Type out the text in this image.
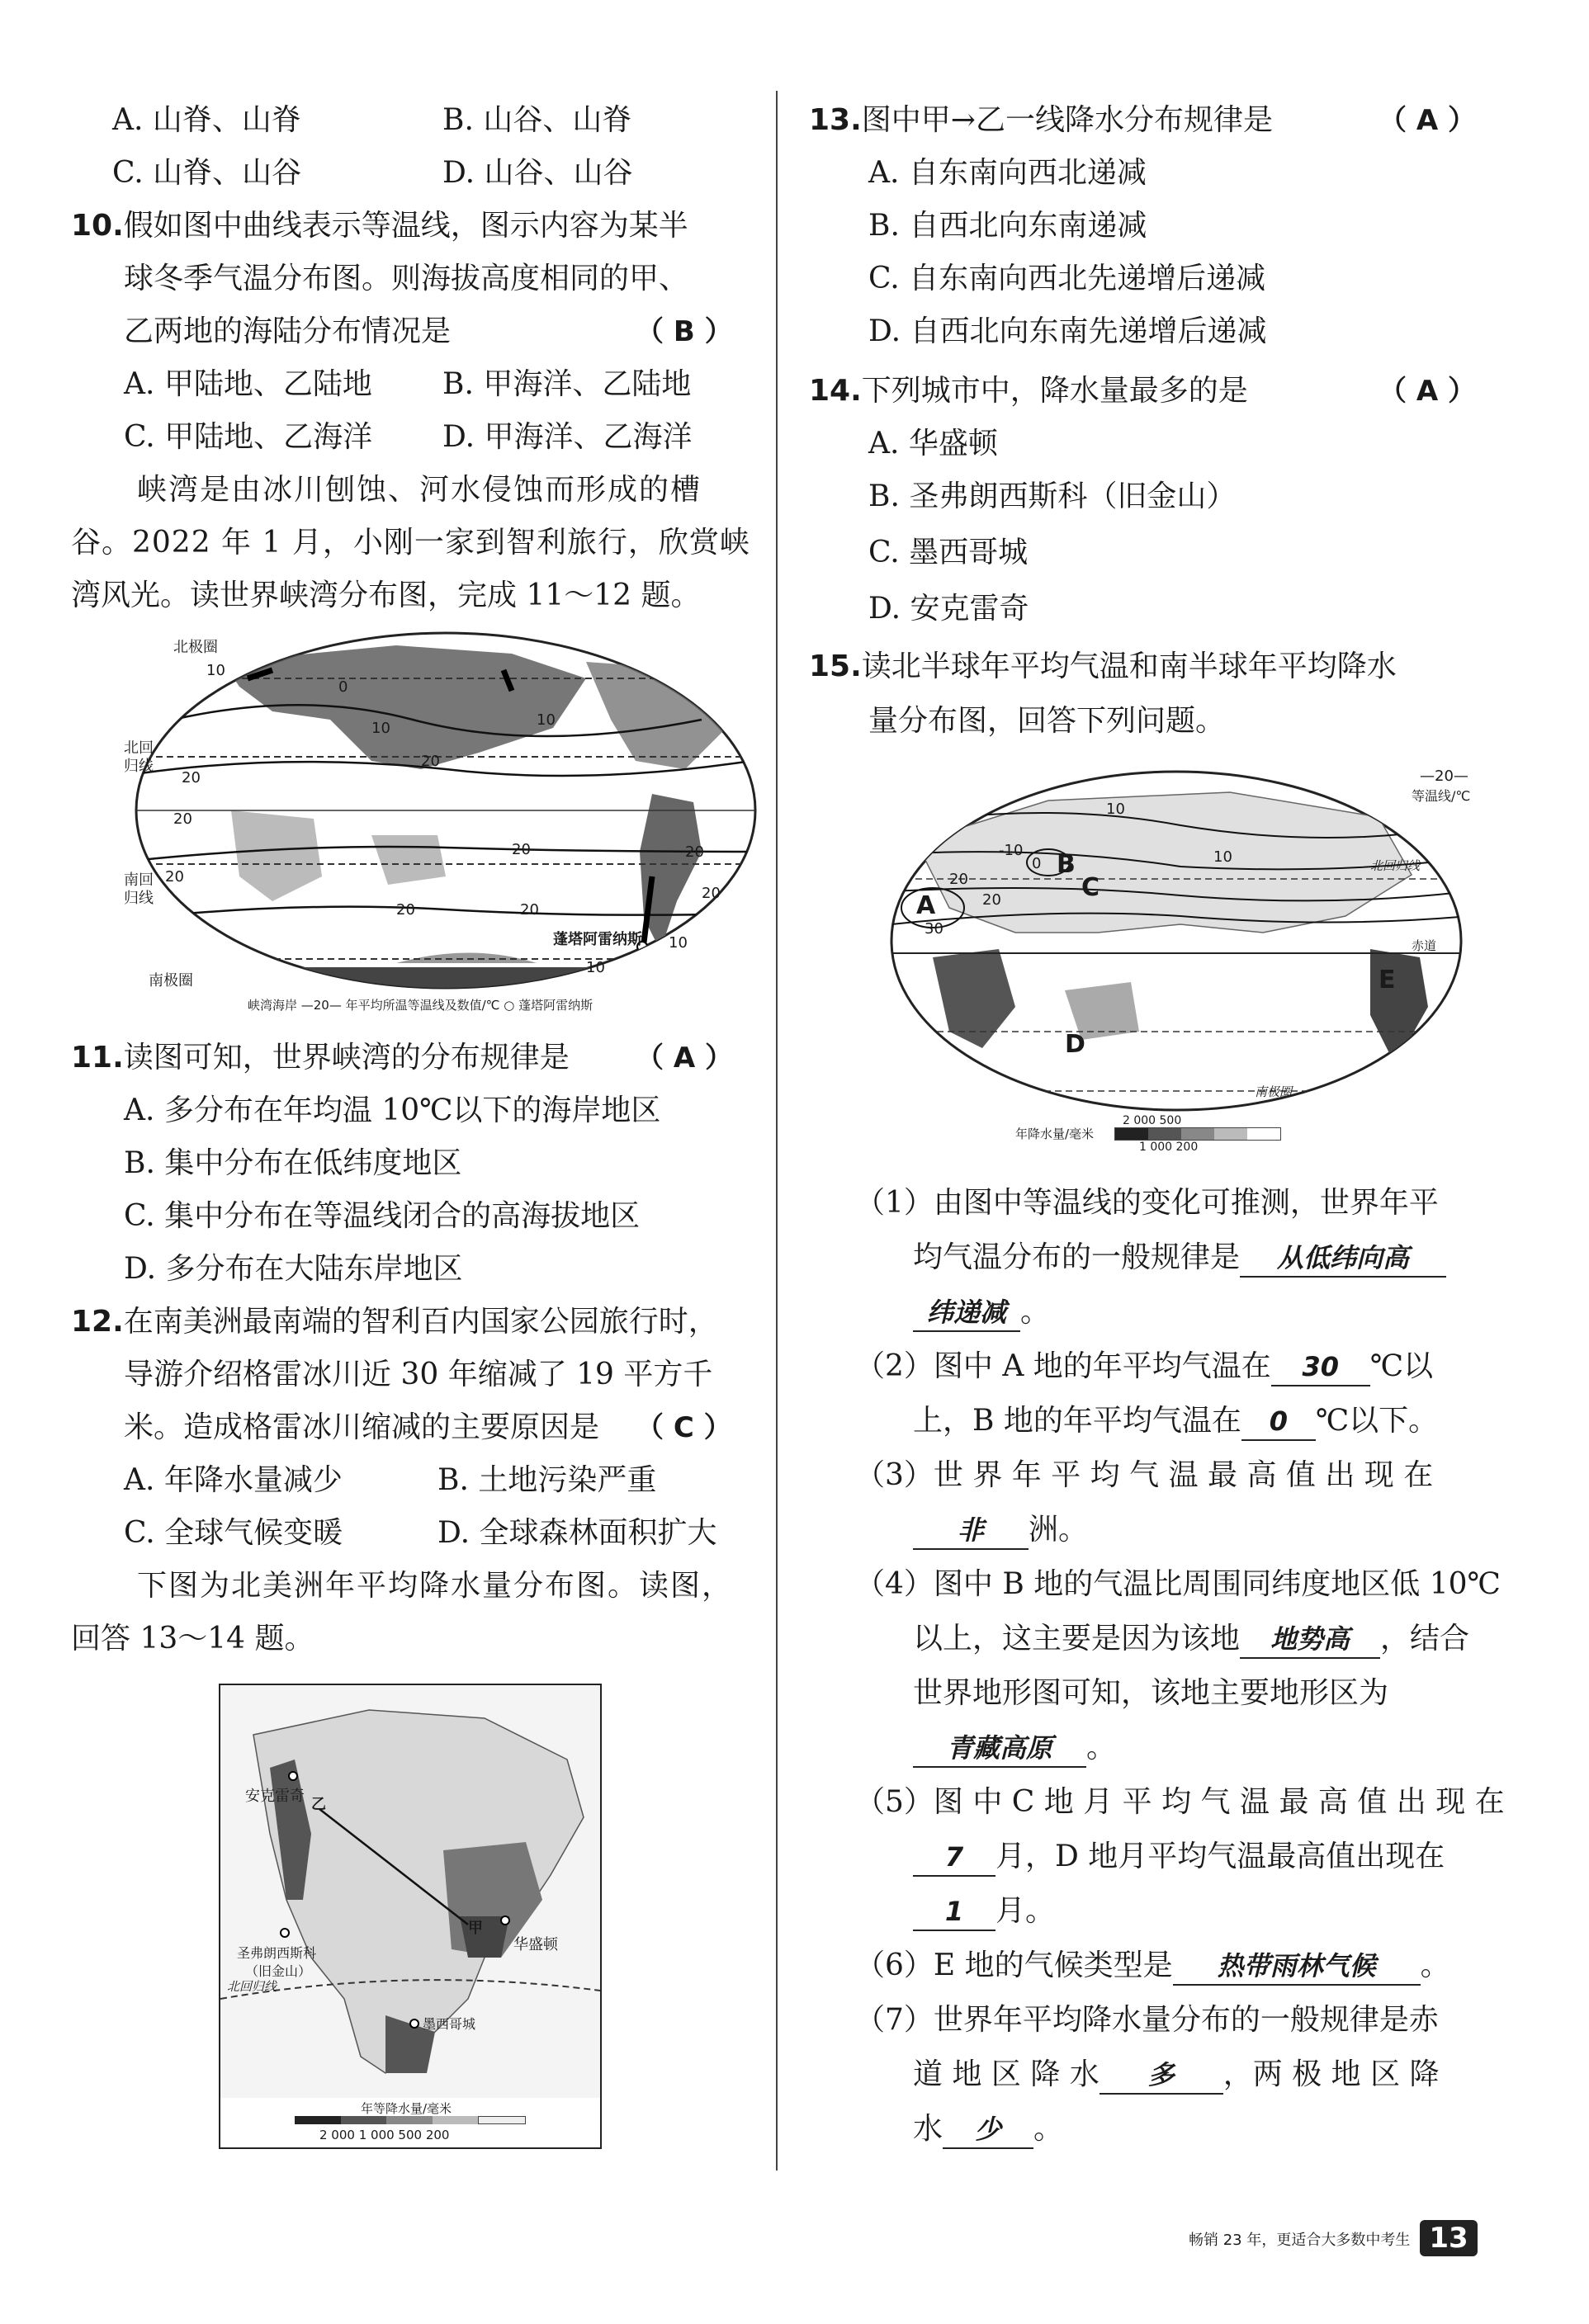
A. 山脊、山脊	B. 山谷、山脊
C. 山脊、山谷	D. 山谷、山谷
10.假如图中曲线表示等温线，图示内容为某半
球冬季气温分布图。则海拔高度相同的甲、
乙两地的海陆分布情况是	（ B ）
A. 甲陆地、乙陆地 B. 甲海洋、乙陆地
C. 甲陆地、乙海洋 D. 甲海洋、乙海洋
峡湾是由冰川刨蚀、河水侵蚀而形成的槽
谷。2022 年 1 月，小刚一家到智利旅行，欣赏峡
湾风光。读世界峡湾分布图，完成 11～12 题。
北极圈
北回
归线
南回
归线
南极圈
蓬塔阿雷纳斯
10
10	10
20
20
20
20
20
20
20
0
10
10
20
20
峡湾海岸 —20— 年平均所温等温线及数值/℃ ○ 蓬塔阿雷纳斯
11.读图可知，世界峡湾的分布规律是 （ A ）
A. 多分布在年均温 10℃以下的海岸地区
B. 集中分布在低纬度地区
C. 集中分布在等温线闭合的高海拔地区
D. 多分布在大陆东岸地区
12.在南美洲最南端的智利百内国家公园旅行时，
导游介绍格雷冰川近 30 年缩减了 19 平方千
米。造成格雷冰川缩减的主要原因是 （ C ）
A. 年降水量减少	B. 土地污染严重
C. 全球气候变暖	D. 全球森林面积扩大
下图为北美洲年平均降水量分布图。读图，
回答 13～14 题。
安克雷奇
圣弗朗西斯科
（旧金山）
华盛顿
墨西哥城
甲
乙
北回归线
年等降水量/毫米
2 000 1 000 500 200
13.图中甲→乙一线降水分布规律是	（ A ）
A. 自东南向西北递减
B. 自西北向东南递减
C. 自东南向西北先递增后递减
D. 自西北向东南先递增后递减
14.下列城市中，降水量最多的是	（ A ）
A. 华盛顿
B. 圣弗朗西斯科（旧金山）
C. 墨西哥城
D. 安克雷奇
15.读北半球年平均气温和南半球年平均降水
量分布图，回答下列问题。
—20—
等温线/℃
A
B
C
D
E
北回归线
赤道
南极圈
-10
0
10
10
20
30
20
年降水量/毫米
2 000 500
1 000 200
（1）由图中等温线的变化可推测，世界年平
均气温分布的一般规律是 从低纬向高
纬递减 。
（2）图中 A 地的年平均气温在 30 ℃以
上，B 地的年平均气温在 0 ℃以下。
（3）世 界 年 平 均 气 温 最 高 值 出 现 在
非 洲。
（4）图中 B 地的气温比周围同纬度地区低 10℃
以上，这主要是因为该地 地势高 ，结合
世界地形图可知，该地主要地形区为
青藏高原 。
（5）图 中 C 地 月 平 均 气 温 最 高 值 出 现 在
7 月，D 地月平均气温最高值出现在
1 月。
（6）E 地的气候类型是 热带雨林气候 。
（7）世界年平均降水量分布的一般规律是赤
道 地 区 降 水 多 ，两 极 地 区 降
水 少 。
畅销 23 年，更适合大多数中考生 13
